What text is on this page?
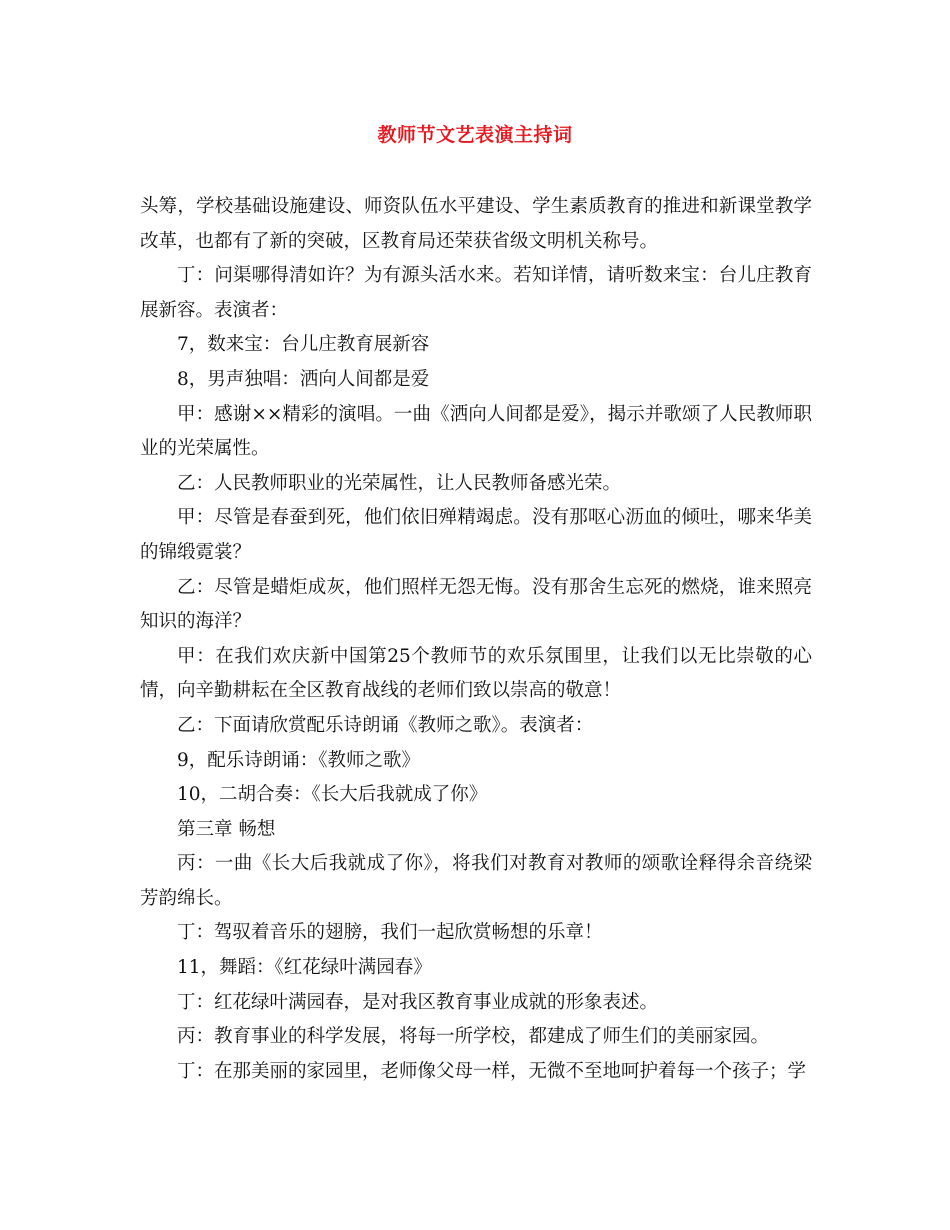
教师节文艺表演主持词

头筹，学校基础设施建设、师资队伍水平建设、学生素质教育的推进和新课堂教学改革，也都有了新的突破，区教育局还荣获省级文明机关称号。

丁：问渠哪得清如许？为有源头活水来。若知详情，请听数来宝：台儿庄教育展新容。表演者：

7，数来宝：台儿庄教育展新容

8，男声独唱：洒向人间都是爱

甲：感谢××精彩的演唱。一曲《洒向人间都是爱》，揭示并歌颂了人民教师职业的光荣属性。

乙：人民教师职业的光荣属性，让人民教师备感光荣。

甲：尽管是春蚕到死，他们依旧殚精竭虑。没有那呕心沥血的倾吐，哪来华美的锦缎霓裳？

乙：尽管是蜡炬成灰，他们照样无怨无悔。没有那舍生忘死的燃烧，谁来照亮知识的海洋？

甲：在我们欢庆新中国第25个教师节的欢乐氛围里，让我们以无比崇敬的心情，向辛勤耕耘在全区教育战线的老师们致以崇高的敬意！

乙：下面请欣赏配乐诗朗诵《教师之歌》。表演者：

9，配乐诗朗诵：《教师之歌》

10，二胡合奏：《长大后我就成了你》

第三章 畅想

丙：一曲《长大后我就成了你》，将我们对教育对教师的颂歌诠释得余音绕梁芳韵绵长。

丁：驾驭着音乐的翅膀，我们一起欣赏畅想的乐章！

11，舞蹈：《红花绿叶满园春》

丁：红花绿叶满园春，是对我区教育事业成就的形象表述。

丙：教育事业的科学发展，将每一所学校，都建成了师生们的美丽家园。

丁：在那美丽的家园里，老师像父母一样，无微不至地呵护着每一个孩子；学
